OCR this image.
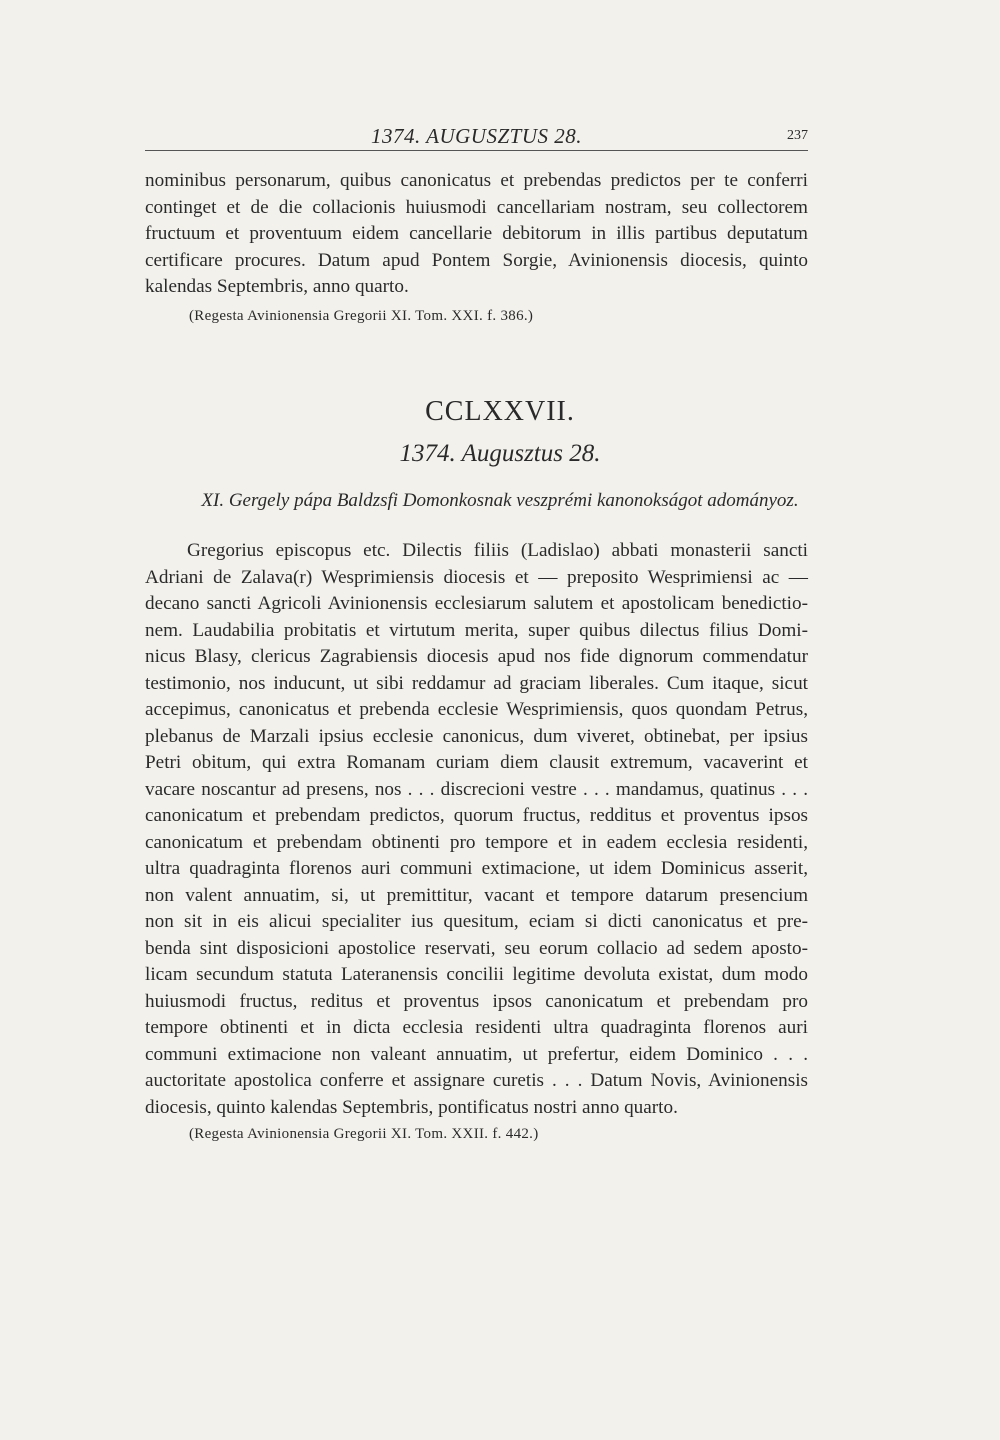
1374. AUGUSZTUS 28.	237
nominibus personarum, quibus canonicatus et prebendas predictos per te conferri
continget et de die collacionis huiusmodi cancellariam nostram, seu collectorem
fructuum et proventuum eidem cancellarie debitorum in illis partibus deputatum
certificare procures. Datum apud Pontem Sorgie, Avinionensis diocesis, quinto
kalendas Septembris, anno quarto.
(Regesta Avinionensia Gregorii XI. Tom. XXI. f. 386.)
CCLXXVII.
1374. Augusztus 28.
XI. Gergely pápa Baldzsfi Domonkosnak veszprémi kanonokságot adományoz.
Gregorius episcopus etc. Dilectis filiis (Ladislao) abbati monasterii sancti
Adriani de Zalava(r) Wesprimiensis diocesis et — preposito Wesprimiensi ac —
decano sancti Agricoli Avinionensis ecclesiarum salutem et apostolicam benedictio-
nem. Laudabilia probitatis et virtutum merita, super quibus dilectus filius Domi-
nicus Blasy, clericus Zagrabiensis diocesis apud nos fide dignorum commendatur
testimonio, nos inducunt, ut sibi reddamur ad graciam liberales. Cum itaque, sicut
accepimus, canonicatus et prebenda ecclesie Wesprimiensis, quos quondam Petrus,
plebanus de Marzali ipsius ecclesie canonicus, dum viveret, obtinebat, per ipsius
Petri obitum, qui extra Romanam curiam diem clausit extremum, vacaverint et
vacare noscantur ad presens, nos . . . discrecioni vestre . . . mandamus, quatinus . . .
canonicatum et prebendam predictos, quorum fructus, redditus et proventus ipsos
canonicatum et prebendam obtinenti pro tempore et in eadem ecclesia residenti,
ultra quadraginta florenos auri communi extimacione, ut idem Dominicus asserit,
non valent annuatim, si, ut premittitur, vacant et tempore datarum presencium
non sit in eis alicui specialiter ius quesitum, eciam si dicti canonicatus et pre-
benda sint disposicioni apostolice reservati, seu eorum collacio ad sedem aposto-
licam secundum statuta Lateranensis concilii legitime devoluta existat, dum modo
huiusmodi fructus, reditus et proventus ipsos canonicatum et prebendam pro
tempore obtinenti et in dicta ecclesia residenti ultra quadraginta florenos auri
communi extimacione non valeant annuatim, ut prefertur, eidem Dominico . . .
auctoritate apostolica conferre et assignare curetis . . . Datum Novis, Avinionensis
diocesis, quinto kalendas Septembris, pontificatus nostri anno quarto.
(Regesta Avinionensia Gregorii XI. Tom. XXII. f. 442.)
